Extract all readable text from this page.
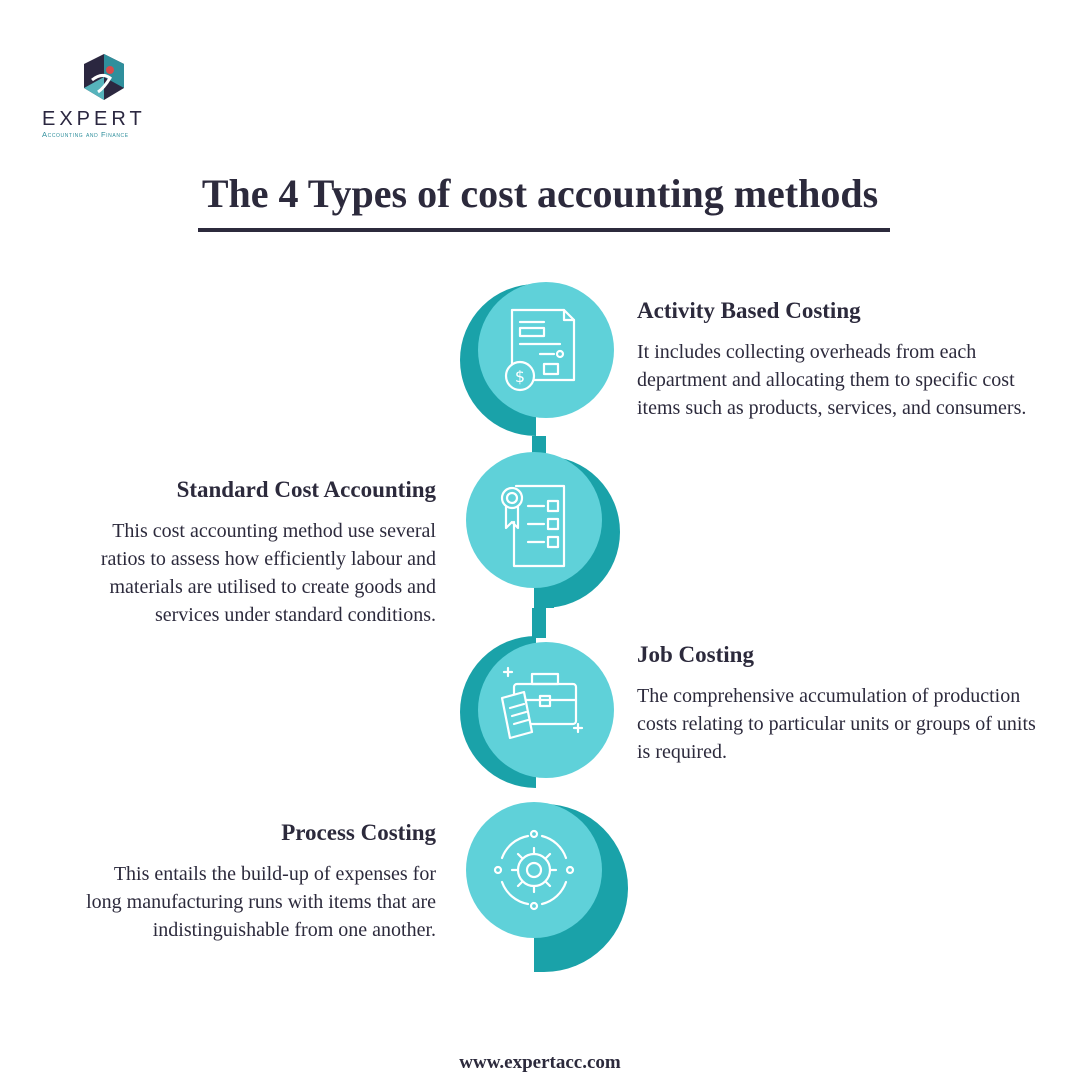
EXPERT
Accounting and Finance
The 4 Types of cost accounting methods
$
Activity Based Costing

It includes collecting overheads from each department and allocating them to specific cost items such as products, services, and consumers.

Standard Cost Accounting

This cost accounting method use several ratios to assess how efficiently labour and materials are utilised to create goods and services under standard conditions.

Job Costing

The comprehensive accumulation of production costs relating to particular units or groups of units is required.

Process Costing

This entails the build-up of expenses for long manufacturing runs with items that are indistinguishable from one another.

www.expertacc.com
